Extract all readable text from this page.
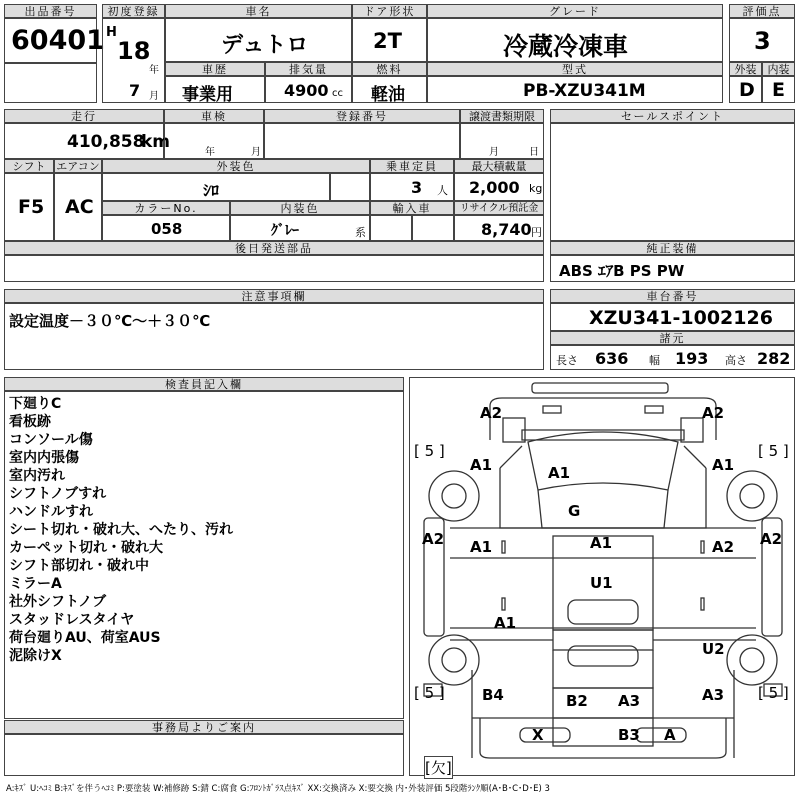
出品番号
60401
初度登録
H
18
年
7 月
車名
デュトロ
ドア形状
2T
グレード
冷蔵冷凍車
評価点
3
車歴
事業用
排気量
4900 cc
燃料
軽油
型式
PB-XZU341M
外装	内装
D E
走行
410,858
km
車検
年	月
登録番号	譲渡書類期限
月	日
シフト エアコン
F5 AC
外装色
ｼﾛ
乗車定員
3 人
最大積載量
2,000 kg
カラーNo.
058
内装色
ｸﾞﾚｰ	系
輸入車	リサイクル預託金
8,740 円
後日発送部品
セールスポイント
純正装備
ABS ｴｱB PS PW
注意事項欄
設定温度－３０℃～＋３０℃
車台番号
XZU341-1002126
諸元
長さ 636 幅 193 高さ 282
検査員記入欄
下廻りC
看板跡
コンソール傷
室内内張傷
室内汚れ
シフトノブすれ
ハンドルすれ
シート切れ・破れ大、へたり、汚れ
カーペット切れ・破れ大
シフト部切れ・破れ中
ミラーA
社外シフトノブ
スタッドレスタイヤ
荷台廻りAU、荷室AUS
泥除けX
事務局よりご案内
A2	A2
[ 5 ]	[ 5 ]
A1	A1	A1
G
A2 A1	A1	A2 A2
U1
A1
U2
[ 5 ]	[ 5 ]
B4	B2 A3	A3
X	B3 A
[欠]
A:ｷｽﾞ U:ﾍｺﾐ B:ｷｽﾞを伴うﾍｺﾐ P:要塗装 W:補修跡 S:錆 C:腐食 G:ﾌﾛﾝﾄｶﾞﾗｽ点ｷｽﾞ XX:交換済み X:要交換 内･外装評価 5段階ﾗﾝｸ順(A･B･C･D･E) 3
